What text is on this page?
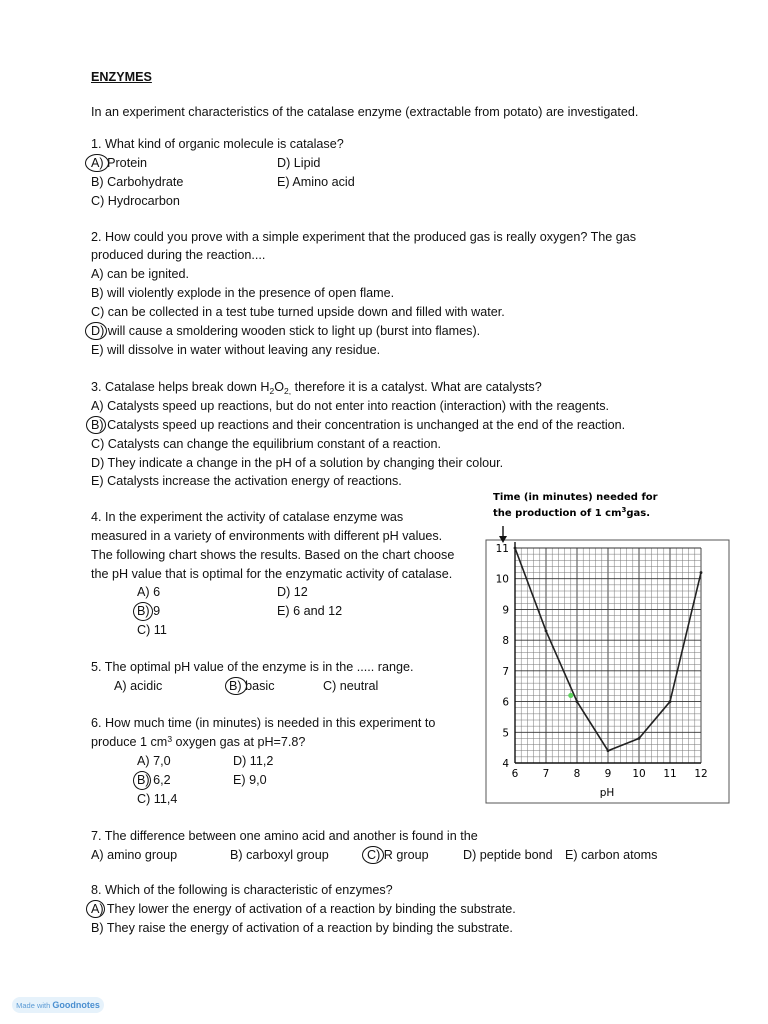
ENZYMES
In an experiment characteristics of the catalase enzyme (extractable from potato) are investigated.
1. What kind of organic molecule is catalase?
A) Protein
B) Carbohydrate
C) Hydrocarbon
D) Lipid
E) Amino acid
2. How could you prove with a simple experiment that the produced gas is really oxygen? The gas
produced during the reaction....
A) can be ignited.
B) will violently explode in the presence of open flame.
C) can be collected in a test tube turned upside down and filled with water.
D) will cause a smoldering wooden stick to light up (burst into flames).
E) will dissolve in water without leaving any residue.
3. Catalase helps break down $H_2O_{2,}$ therefore it is a catalyst. What are catalysts?
A) Catalysts speed up reactions, but do not enter into reaction (interaction) with the reagents.
B) Catalysts speed up reactions and their concentration is unchanged at the end of the reaction.
C) Catalysts can change the equilibrium constant of a reaction.
D) They indicate a change in the pH of a solution by changing their colour.
E) Catalysts increase the activation energy of reactions.
4. In the experiment the activity of catalase enzyme was
measured in a variety of environments with different pH values.
The following chart shows the results. Based on the chart choose
the pH value that is optimal for the enzymatic activity of catalase.
A) 6
B) 9
C) 11
D) 12
E) 6 and 12
5. The optimal pH value of the enzyme is in the ..... range.
A) acidic	B) basic	C) neutral
6. How much time (in minutes) is needed in this experiment to
produce 1 $cm^3$ oxygen gas at pH=7.8?
A) 7,0
B) 6,2
C) 11,4
D) 11,2
E) 9,0
7. The difference between one amino acid and another is found in the
A) amino group	B) carboxyl group	C) R group	D) peptide bond E) carbon atoms
8. Which of the following is characteristic of enzymes?
A) They lower the energy of activation of a reaction by binding the substrate.
B) They raise the energy of activation of a reaction by binding the substrate.
Time (in minutes) needed for
the production of 1 $cm^3gas$.
6 7 8 9 10 11 12
4
5
6
7
8
9
10
11
pH
Made with Goodnotes
